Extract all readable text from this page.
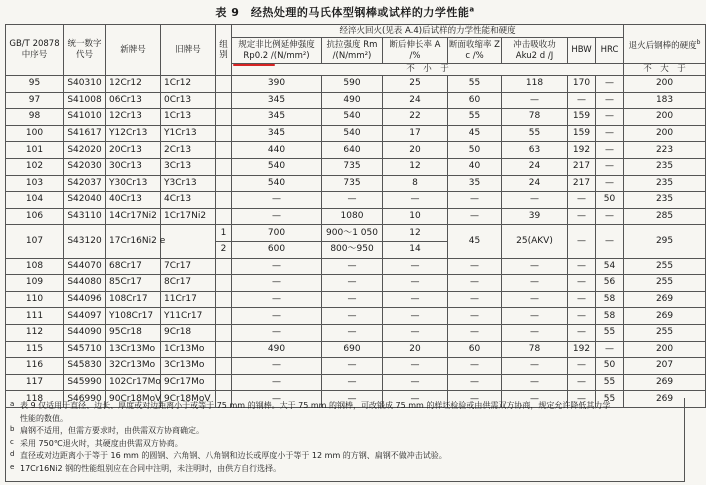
表 9　经热处理的马氏体型钢棒或试样的力学性能$^a$
GB/T 20878 中序号	统一数字代号	新牌号	旧牌号	组别	经淬火回火(见表 A.4)后试样的力学性能和硬度							退火后钢棒的硬度$^b$
					规定非比例延伸强度 Rp0.2 /(N/mm²)	抗拉强度 Rm /(N/mm²)	断后伸长率 A /%	断面收缩率 Z c /%	冲击吸收功 Aku2 d /J	HBW	HRC	
					不　小　于							不　大　于
95	S40310	12Cr12	1Cr12		390	590	25	55	118	170	—	200
97	S41008	06Cr13	0Cr13		345	490	24	60	—	—	—	183
98	S41010	12Cr13	1Cr13		345	540	22	55	78	159	—	200
100	S41617	Y12Cr13	Y1Cr13		345	540	17	45	55	159	—	200
101	S42020	20Cr13	2Cr13		440	640	20	50	63	192	—	223
102	S42030	30Cr13	3Cr13		540	735	12	40	24	217	—	235
103	S42037	Y30Cr13	Y3Cr13		540	735	8	35	24	217	—	235
104	S42040	40Cr13	4Cr13		—	—	—	—	—	—	50	235
106	S43110	14Cr17Ni2	1Cr17Ni2		—	1080	10	—	39	—	—	285
107	S43120	17Cr16Ni2 e		1	700	900～1 050	12	45	25(AKV)	—	—	295
				2	600	800～950	14					
108	S44070	68Cr17	7Cr17		—	—	—	—	—	—	54	255
109	S44080	85Cr17	8Cr17		—	—	—	—	—	—	56	255
110	S44096	108Cr17	11Cr17		—	—	—	—	—	—	58	269
111	S44097	Y108Cr17	Y11Cr17		—	—	—	—	—	—	58	269
112	S44090	95Cr18	9Cr18		—	—	—	—	—	—	55	255
115	S45710	13Cr13Mo	1Cr13Mo		490	690	20	60	78	192	—	200
116	S45830	32Cr13Mo	3Cr13Mo		—	—	—	—	—	—	50	207
117	S45990	102Cr17Mo	9Cr17Mo		—	—	—	—	—	—	55	269
118	S46990	90Cr18MoV	9Cr18MoV		—	—	—	—	—	—	55	269
a 表 9 仅适用于直径、边长、厚度或对边距离小于或等于 75 mm 的钢棒。大于 75 mm 的钢棒，可改锻成 75 mm 的样坯检验或由供需双方协商，规定允许降低其力学
性能的数值。
b 扁钢不适用，但需方要求时，由供需双方协商确定。
c 采用 750℃退火时，其硬度由供需双方协商。
d 直径或对边距离小于等于 16 mm 的圆钢、六角钢、八角钢和边长或厚度小于等于 12 mm 的方钢、扁钢不做冲击试验。
e 17Cr16Ni2 钢的性能组别应在合同中注明，未注明时，由供方自行选择。
